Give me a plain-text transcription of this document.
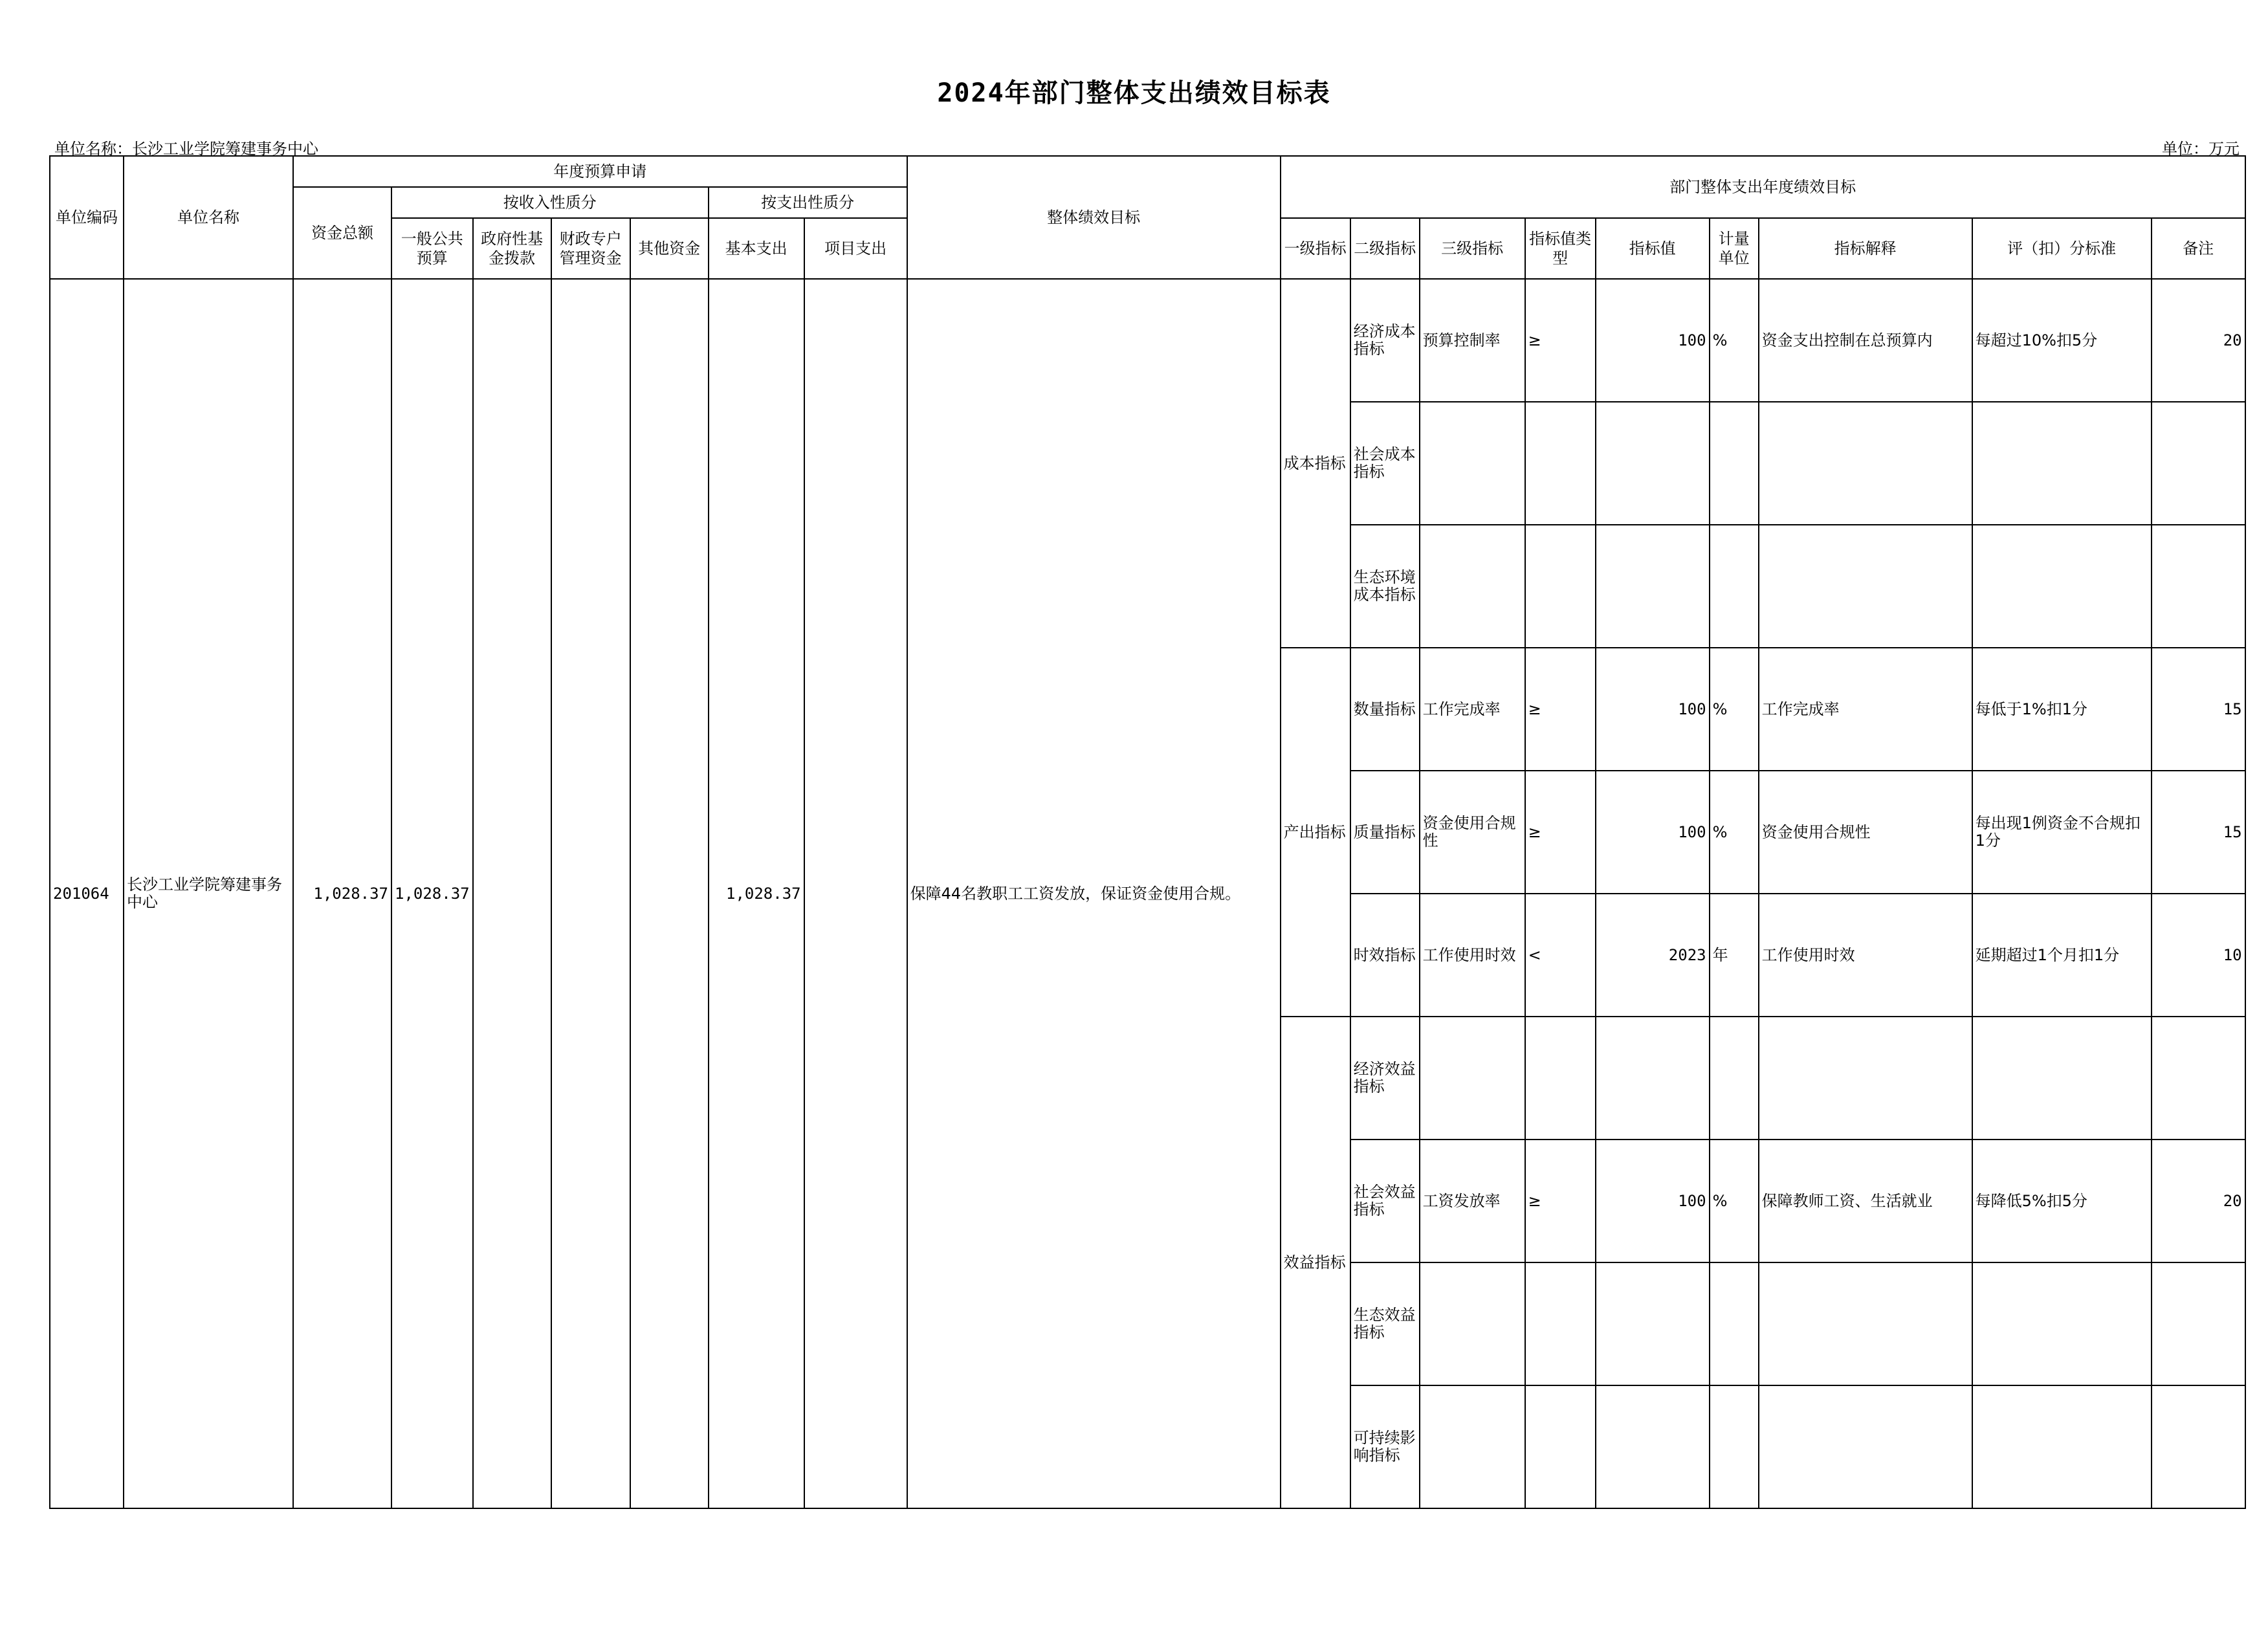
2024年部门整体支出绩效目标表
单位名称：长沙工业学院筹建事务中心	单位：万元
单位编码	单位名称	年度预算申请							整体绩效目标	部门整体支出年度绩效目标								
		资金总额	按收入性质分				按支出性质分											
			一般公共预算	政府性基金拨款	财政专户管理资金	其他资金	基本支出	项目支出		一级指标	二级指标	三级指标	指标值类型	指标值	计量单位	指标解释	评（扣）分标准	备注
201064	长沙工业学院筹建事务中心	1,028.37	1,028.37				1,028.37		保障44名教职工工资发放，保证资金使用合规。	成本指标	经济成本指标	预算控制率	≥	100	%	资金支出控制在总预算内	每超过10%扣5分	20
											社会成本指标							
											生态环境成本指标							
										产出指标	数量指标	工作完成率	≥	100	%	工作完成率	每低于1%扣1分	15
											质量指标	资金使用合规性	≥	100	%	资金使用合规性	每出现1例资金不合规扣1分	15
											时效指标	工作使用时效	<	2023	年	工作使用时效	延期超过1个月扣1分	10
										效益指标	经济效益指标							
											社会效益指标	工资发放率	≥	100	%	保障教师工资、生活就业	每降低5%扣5分	20
											生态效益指标							
											可持续影响指标							
